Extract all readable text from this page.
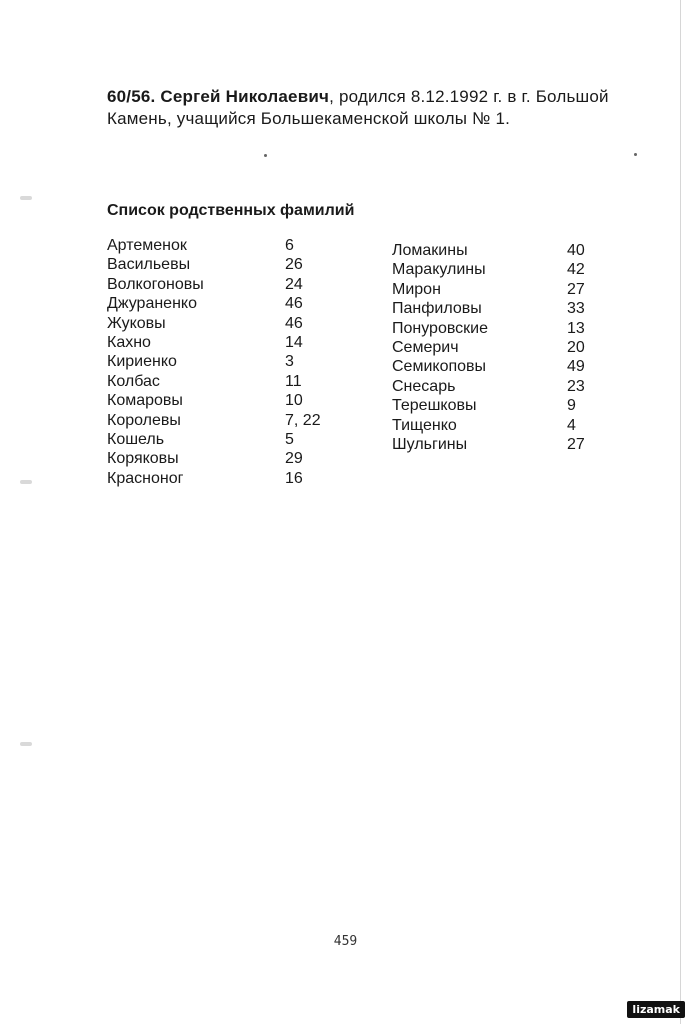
60/56. Сергей Николаевич, родился 8.12.1992 г. в г. Большой Камень, учащийся Большекаменской школы № 1.
Список родственных фамилий
Артеменок	6
Васильевы	26
Волкогоновы	24
Джураненко	46
Жуковы	46
Кахно	14
Кириенко	3
Колбас	11
Комаровы	10
Королевы	7, 22
Кошель	5
Коряковы	29
Красноног	16
Ломакины	40
Маракулины	42
Мирон	27
Панфиловы	33
Понуровские	13
Семерич	20
Семикоповы	49
Снесарь	23
Терешковы	9
Тищенко	4
Шульгины	27
459
lizamak
